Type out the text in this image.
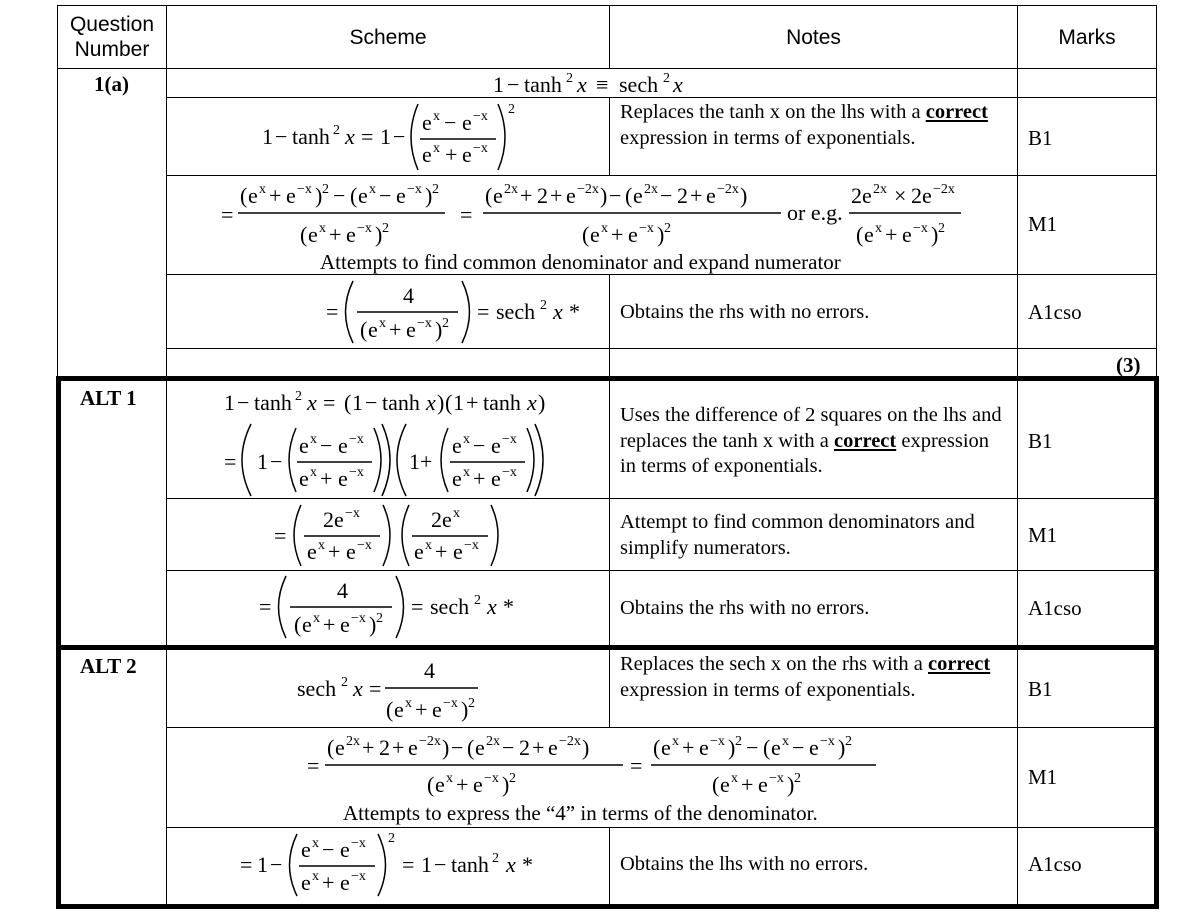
Question
Number
Scheme	Notes	Marks
1(a)
ALT 1
ALT 2
1 − tanh 2 x ≡ sech 2 x
1 − tanh 2 x = 1 −
e x − e −x
e x + e −x
2
=
( e x + e −x ) 2 − ( e x − e −x ) 2
( e x + e −x ) 2
=
( e 2x + 2 + e −2x ) − ( e 2x − 2 + e −2x )
( e x + e −x ) 2
or e.g.
2 e 2x × 2 e −2x
( e x + e −x ) 2
=
4
( e x + e −x ) 2 = sech 2 x *
1 − tanh 2 x = ( 1 − tanh x ) ( 1 + tanh x )
= 1 −
e x − e −x
e x + e −x 1 +
e x − e −x
e x + e −x
=
2 e −x
e x + e −x
2 e x
e x + e −x
=
4
( e x + e −x ) 2 = sech 2 x *
sech 2 x =
4
( e x + e −x ) 2
=
( e 2x + 2 + e −2x ) − ( e 2x − 2 + e −2x )
( e x + e −x ) 2
=
( e x + e −x ) 2 − ( e x − e −x ) 2
( e x + e −x ) 2
= 1 −
e x − e −x
e x + e −x
2
= 1 − tanh 2 x *
Attempts to find common denominator and expand numerator
Attempts to express the “4” in terms of the denominator.
Replaces the tanh x on the lhs with a correct expression in terms of exponentials.
Obtains the rhs with no errors.
Uses the difference of 2 squares on the lhs and replaces the tanh x with a correct expression in terms of exponentials.
Attempt to find common denominators and simplify numerators.
Obtains the rhs with no errors.
Replaces the sech x on the rhs with a correct expression in terms of exponentials.
Obtains the lhs with no errors.
B1
M1
A1cso
(3)
B1
M1
A1cso
B1
M1
A1cso
